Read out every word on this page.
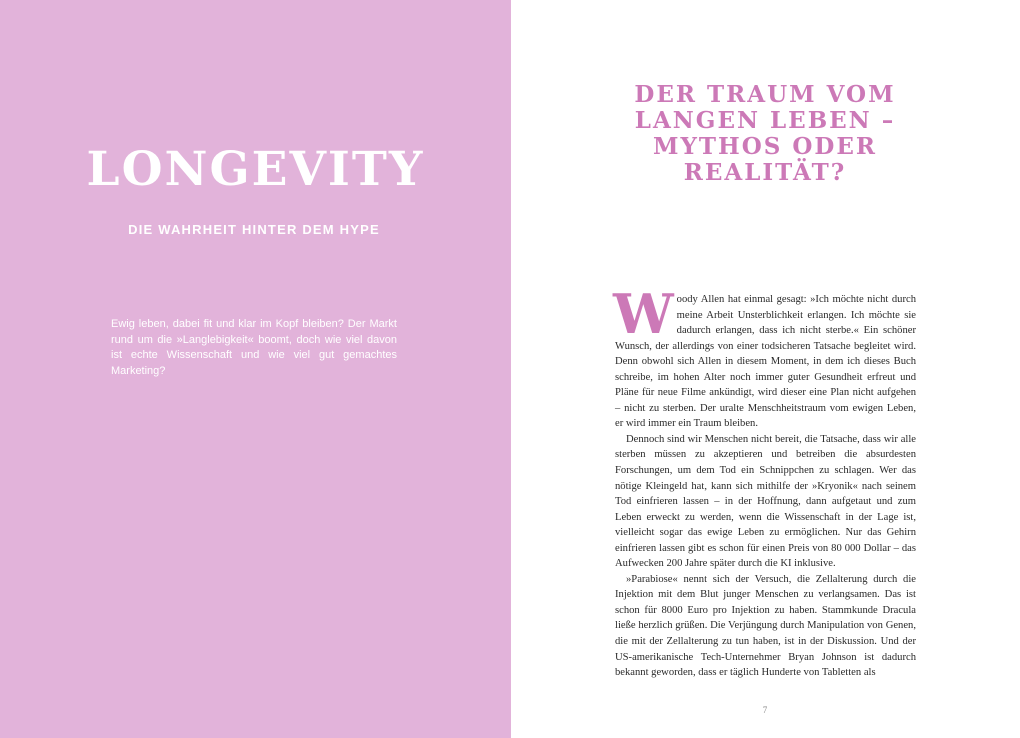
LONGEVITY
DIE WAHRHEIT HINTER DEM HYPE

Ewig leben, dabei fit und klar im Kopf bleiben? Der Markt rund um die »Langlebigkeit« boomt, doch wie viel davon ist echte Wissenschaft und wie viel gut gemachtes Marketing?

DER TRAUM VOM
LANGEN LEBEN –
MYTHOS ODER
REALITÄT?

Woody Allen hat einmal gesagt: »Ich möchte nicht durch meine Arbeit Unsterblichkeit erlangen. Ich möchte sie dadurch erlangen, dass ich nicht sterbe.« Ein schöner Wunsch, der allerdings von einer todsicheren Tatsache begleitet wird. Denn obwohl sich Allen in diesem Moment, in dem ich dieses Buch schreibe, im hohen Alter noch immer guter Gesundheit erfreut und Pläne für neue Filme ankündigt, wird dieser eine Plan nicht aufgehen – nicht zu sterben. Der uralte Menschheitstraum vom ewigen Leben, er wird immer ein Traum bleiben.

Dennoch sind wir Menschen nicht bereit, die Tatsache, dass wir alle sterben müssen zu akzeptieren und betreiben die absurdesten Forschungen, um dem Tod ein Schnippchen zu schlagen. Wer das nötige Kleingeld hat, kann sich mithilfe der »Kryonik« nach seinem Tod einfrieren lassen – in der Hoffnung, dann aufgetaut und zum Leben erweckt zu werden, wenn die Wissenschaft in der Lage ist, vielleicht sogar das ewige Leben zu ermöglichen. Nur das Gehirn einfrieren lassen gibt es schon für einen Preis von 80 000 Dollar – das Aufwecken 200 Jahre später durch die KI inklusive.

»Parabiose« nennt sich der Versuch, die Zellalterung durch die Injektion mit dem Blut junger Menschen zu verlangsamen. Das ist schon für 8000 Euro pro Injektion zu haben. Stammkunde Dracula ließe herzlich grüßen. Die Verjüngung durch Manipulation von Genen, die mit der Zellalterung zu tun haben, ist in der Diskussion. Und der US-amerikanische Tech-Unternehmer Bryan Johnson ist dadurch bekannt geworden, dass er täglich Hunderte von Tabletten als

7
